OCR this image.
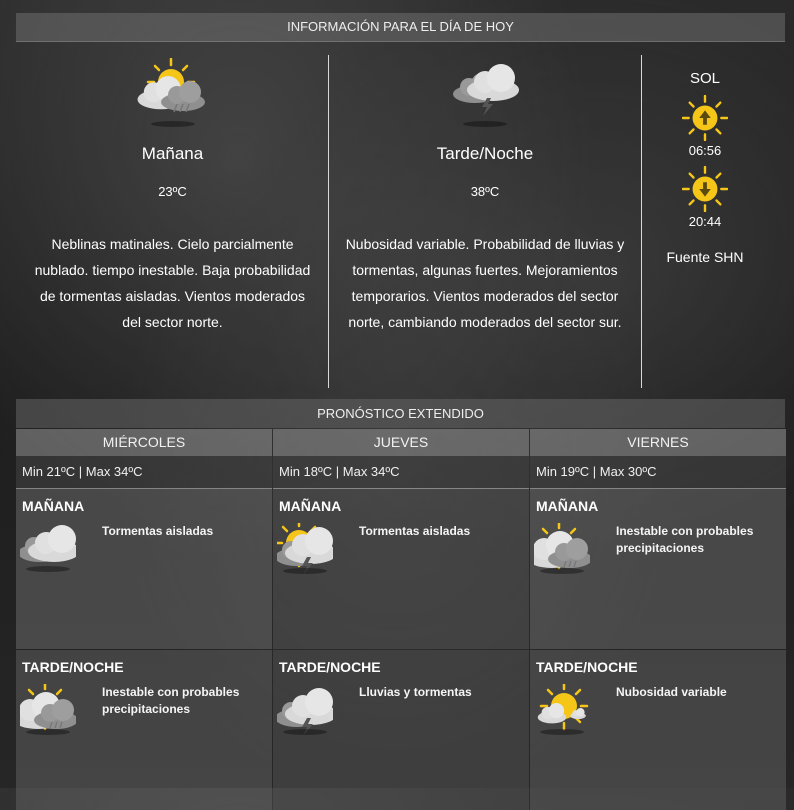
INFORMACIÓN PARA EL DÍA DE HOY
Mañana
23ºC
Neblinas matinales. Cielo parcialmente nublado. tiempo inestable. Baja probabilidad de tormentas aisladas. Vientos moderados del sector norte.
Tarde/Noche
38ºC
Nubosidad variable. Probabilidad de lluvias y tormentas, algunas fuertes. Mejoramientos temporarios. Vientos moderados del sector norte, cambiando moderados del sector sur.
SOL
06:56
20:44
Fuente SHN
PRONÓSTICO EXTENDIDO
MIÉRCOLES
Min 21ºC | Max 34ºC
MAÑANA
Tormentas aisladas
TARDE/NOCHE
Inestable con probables precipitaciones
JUEVES
Min 18ºC | Max 34ºC
MAÑANA
Tormentas aisladas
TARDE/NOCHE
Lluvias y tormentas
VIERNES
Min 19ºC | Max 30ºC
MAÑANA
Inestable con probables precipitaciones
TARDE/NOCHE
Nubosidad variable
